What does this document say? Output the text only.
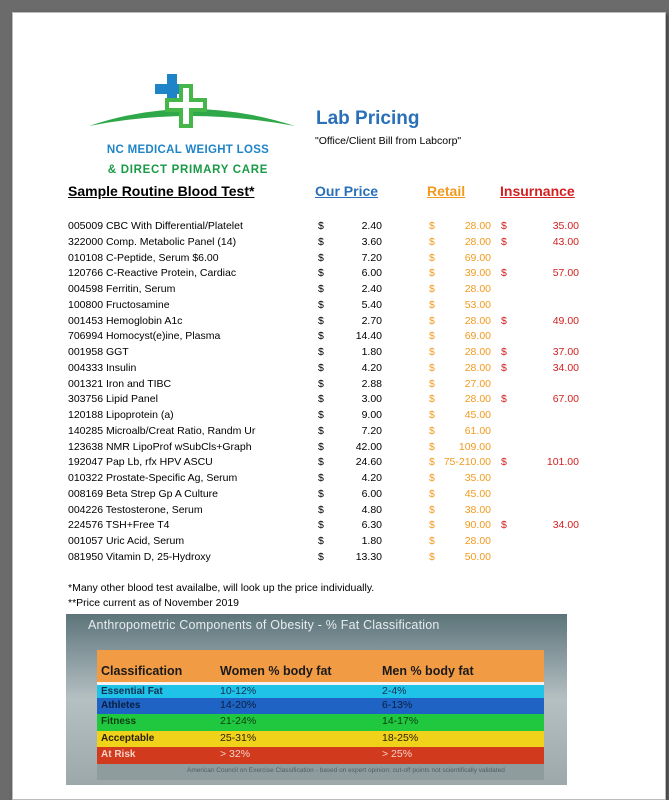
NC MEDICAL WEIGHT LOSS
& DIRECT PRIMARY CARE
Lab Pricing
"Office/Client Bill from Labcorp"
Sample Routine Blood Test*	Our Price	Retail Insurnance
005009 CBC With Differential/Platelet	$	2.40	$	28.00 $	35.00
322000 Comp. Metabolic Panel (14)	$	3.60	$	28.00 $	43.00
010108 C-Peptide, Serum $6.00	$	7.20	$	69.00
120766 C-Reactive Protein, Cardiac	$	6.00	$	39.00 $	57.00
004598 Ferritin, Serum	$	2.40	$	28.00
100800 Fructosamine	$	5.40	$	53.00
001453 Hemoglobin A1c	$	2.70	$	28.00 $	49.00
706994 Homocyst(e)ine, Plasma	$	14.40	$	69.00
001958 GGT	$	1.80	$	28.00 $	37.00
004333 Insulin	$	4.20	$	28.00 $	34.00
001321 Iron and TIBC	$	2.88	$	27.00
303756 Lipid Panel	$	3.00	$	28.00 $	67.00
120188 Lipoprotein (a)	$	9.00	$	45.00
140285 Microalb/Creat Ratio, Randm Ur	$	7.20	$	61.00
123638 NMR LipoProf wSubCls+Graph	$	42.00	$	109.00
192047 Pap Lb, rfx HPV ASCU	$	24.60	$ 75-210.00 $	101.00
010322 Prostate-Specific Ag, Serum	$	4.20	$	35.00
008169 Beta Strep Gp A Culture	$	6.00	$	45.00
004226 Testosterone, Serum	$	4.80	$	38.00
224576 TSH+Free T4	$	6.30	$	90.00 $	34.00
001057 Uric Acid, Serum	$	1.80	$	28.00
081950 Vitamin D, 25-Hydroxy	$	13.30	$	50.00
*Many other blood test availalbe, will look up the price individually.
**Price current as of November 2019
Anthropometric Components of Obesity - % Fat Classification
Classification	Women % body fat	Men % body fat
Essential Fat	10-12%	2-4%
Athletes	14-20%	6-13%
Fitness	21-24%	14-17%
Acceptable	25-31%	18-25%
At Risk	> 32%	> 25%
American Council on Exercise Classification - based on expert opinion; cut-off points not scientifically validated
